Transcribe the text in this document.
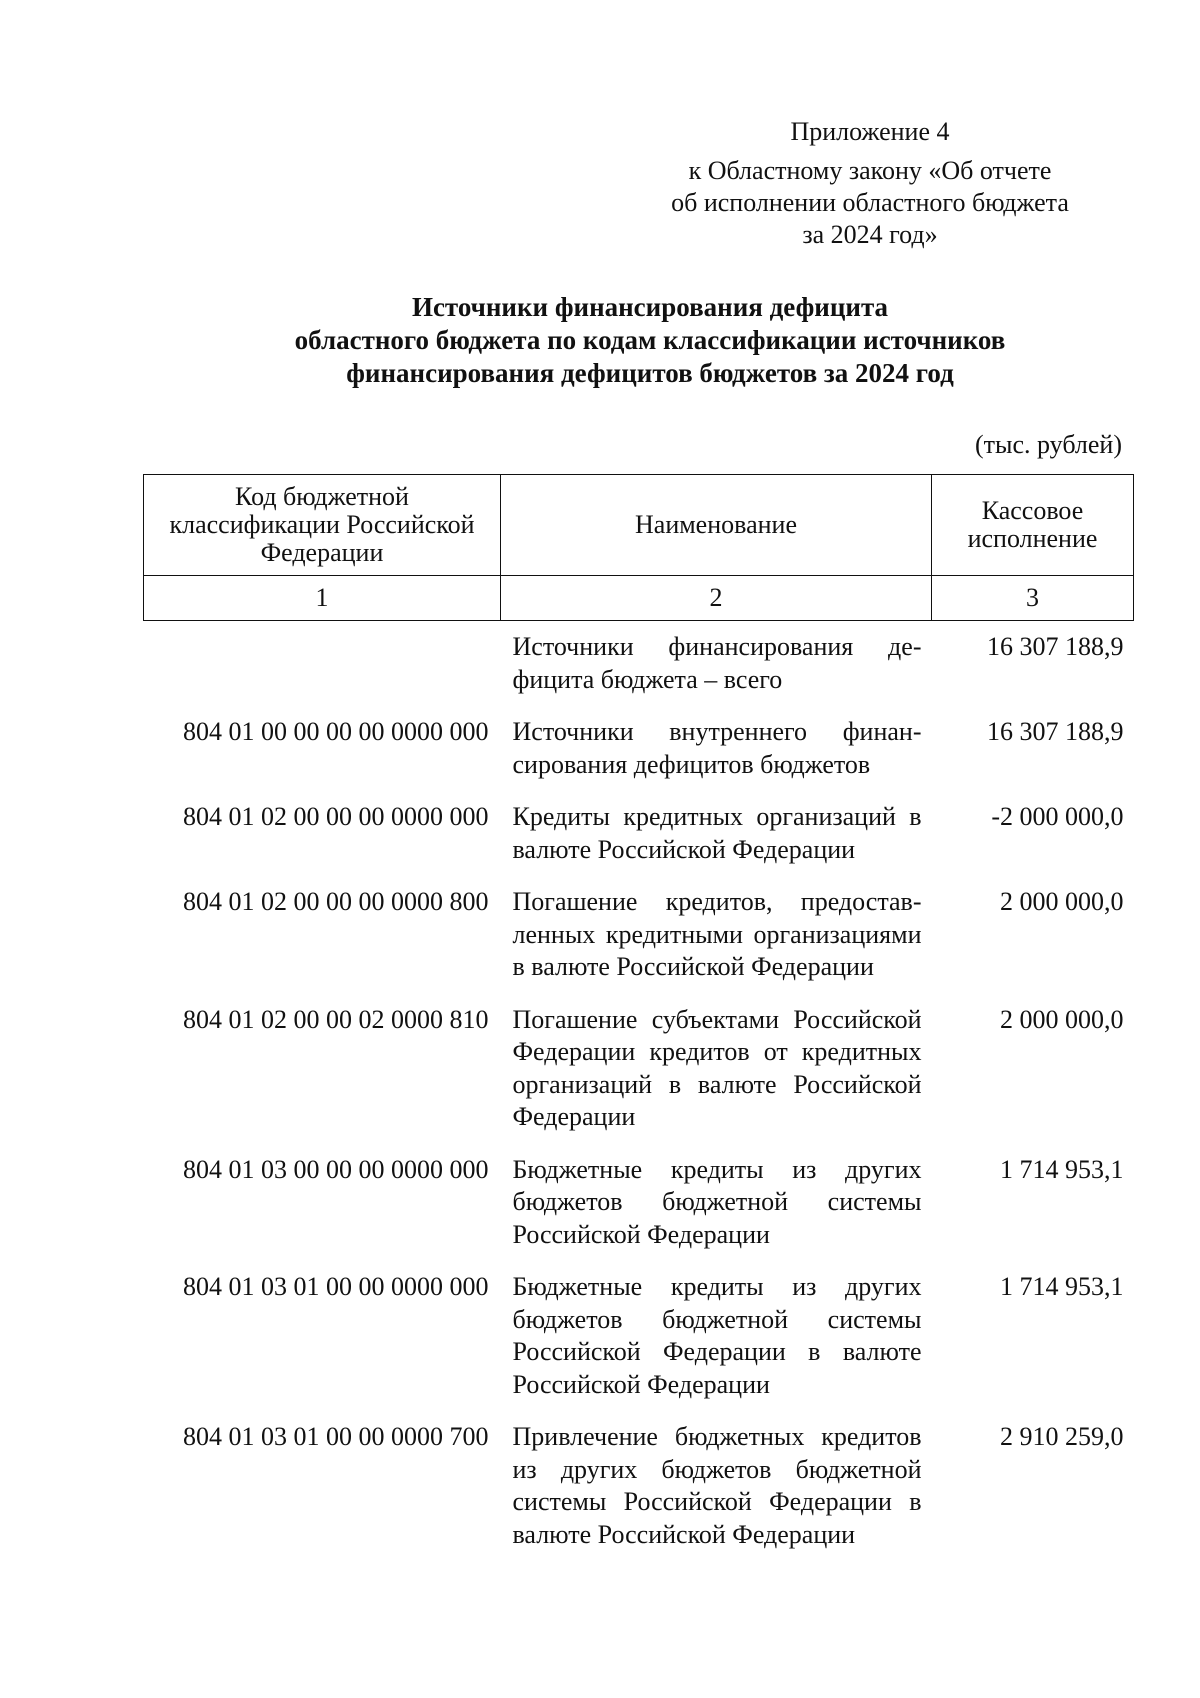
Приложение 4
к Областному закону «Об отчете
об исполнении областного бюджета
за 2024 год»
Источники финансирования дефицита
областного бюджета по кодам классификации источников
финансирования дефицитов бюджетов за 2024 год
(тыс. рублей)
Код бюджетной классификации Российской Федерации	Наименование	Кассовое исполнение
1	2	3
	Источники финансирования дефицита бюджета – всего	16 307 188,9
804 01 00 00 00 00 0000 000	Источники внутреннего финансирования дефицитов бюджетов	16 307 188,9
804 01 02 00 00 00 0000 000	Кредиты кредитных организаций в валюте Российской Федерации	-2 000 000,0
804 01 02 00 00 00 0000 800	Погашение кредитов, предоставленных кредитными организациями в валюте Российской Федерации	2 000 000,0
804 01 02 00 00 02 0000 810	Погашение субъектами Российской Федерации кредитов от кредитных организаций в валюте Российской Федерации	2 000 000,0
804 01 03 00 00 00 0000 000	Бюджетные кредиты из других бюджетов бюджетной системы Российской Федерации	1 714 953,1
804 01 03 01 00 00 0000 000	Бюджетные кредиты из других бюджетов бюджетной системы Российской Федерации в валюте Российской Федерации	1 714 953,1
804 01 03 01 00 00 0000 700	Привлечение бюджетных кредитов из других бюджетов бюджетной системы Российской Федерации в валюте Российской Федерации	2 910 259,0
